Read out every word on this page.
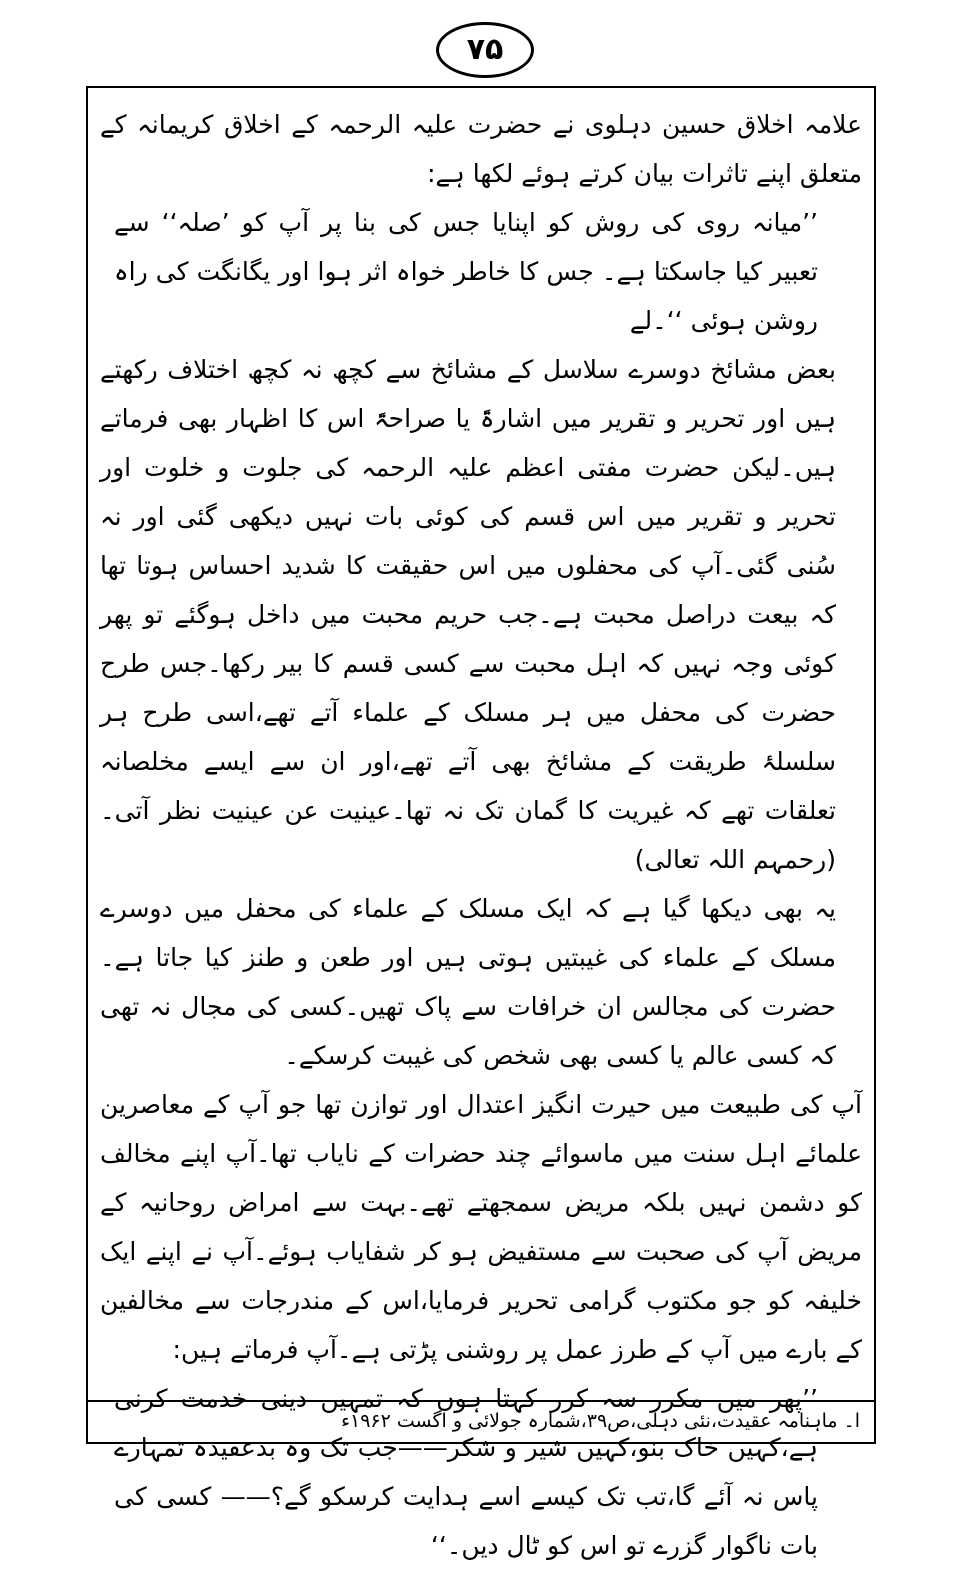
۷۵

علامہ اخلاق حسین دہلوی نے حضرت علیہ الرحمہ کے اخلاق کریمانہ کے متعلق اپنے تاثرات بیان کرتے ہوئے لکھا ہے:

’’میانہ روی کی روش کو اپنایا جس کی بنا پر آپ کو ’صلہ‘‘ سے تعبیر کیا جاسکتا ہے۔ جس کا خاطر خواہ اثر ہوا اور یگانگت کی راہ روشن ہوئی ‘‘۔لے

بعض مشائخ دوسرے سلاسل کے مشائخ سے کچھ نہ کچھ اختلاف رکھتے ہیں اور تحریر و تقریر میں اشارۃً یا صراحۃً اس کا اظہار بھی فرماتے ہیں۔لیکن حضرت مفتی اعظم علیہ الرحمہ کی جلوت و خلوت اور تحریر و تقریر میں اس قسم کی کوئی بات نہیں دیکھی گئی اور نہ سُنی گئی۔آپ کی محفلوں میں اس حقیقت کا شدید احساس ہوتا تھا کہ بیعت دراصل محبت ہے۔جب حریم محبت میں داخل ہوگئے تو پھر کوئی وجہ نہیں کہ اہل محبت سے کسی قسم کا بیر رکھا۔جس طرح حضرت کی محفل میں ہر مسلک کے علماء آتے تھے،اسی طرح ہر سلسلۂ طریقت کے مشائخ بھی آتے تھے،اور ان سے ایسے مخلصانہ تعلقات تھے کہ غیریت کا گمان تک نہ تھا۔عینیت عن عینیت نظر آتی۔(رحمہم اللہ تعالی)

یہ بھی دیکھا گیا ہے کہ ایک مسلک کے علماء کی محفل میں دوسرے مسلک کے علماء کی غیبتیں ہوتی ہیں اور طعن و طنز کیا جاتا ہے۔حضرت کی مجالس ان خرافات سے پاک تھیں۔کسی کی مجال نہ تھی کہ کسی عالم یا کسی بھی شخص کی غیبت کرسکے۔

آپ کی طبیعت میں حیرت انگیز اعتدال اور توازن تھا جو آپ کے معاصرین علمائے اہل سنت میں ماسوائے چند حضرات کے نایاب تھا۔آپ اپنے مخالف کو دشمن نہیں بلکہ مریض سمجھتے تھے۔بہت سے امراض روحانیہ کے مریض آپ کی صحبت سے مستفیض ہو کر شفایاب ہوئے۔آپ نے اپنے ایک خلیفہ کو جو مکتوب گرامی تحریر فرمایا،اس کے مندرجات سے مخالفین کے بارے میں آپ کے طرز عمل پر روشنی پڑتی ہے۔آپ فرماتے ہیں:

’’پھر میں مکرر سہ کرر کہتا ہوں کہ تمہیں دینی خدمت کرنی ہے،کہیں خاک بنو،کہیں شیر و شکر——جب تک وہ بدعقیدہ تمہارے پاس نہ آئے گا،تب تک کیسے اسے ہدایت کرسکو گے؟—— کسی کی بات ناگوار گزرے تو اس کو ٹال دیں۔‘‘

ا۔ ماہنامہ عقیدت،نئی دہلی،ص۳۹،شمارہ جولائی و اگست ۱۹۶۲ء
